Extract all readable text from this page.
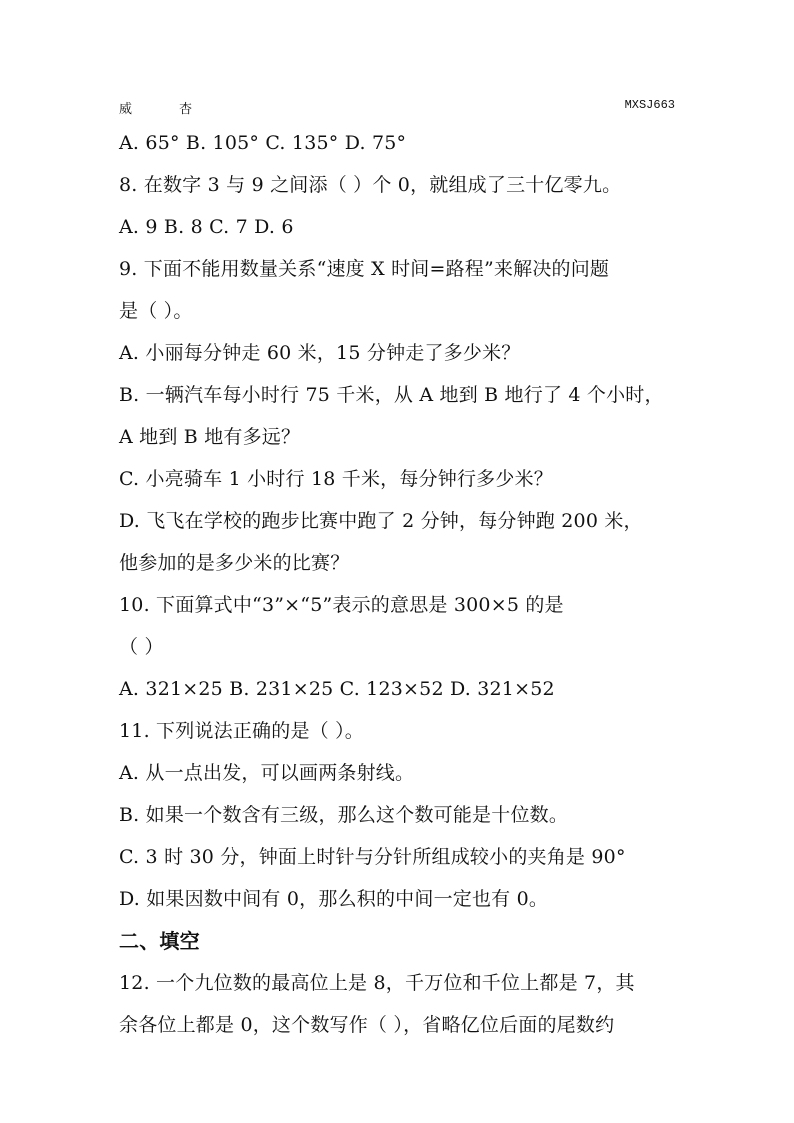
威	杏	MXSJ663
A. 65° B. 105° C. 135° D. 75°
8. 在数字 3 与 9 之间添（ ）个 0，就组成了三十亿零九。
A. 9 B. 8 C. 7 D. 6
9. 下面不能用数量关系“速度 X 时间=路程”来解决的问题
是（ ）。
A. 小丽每分钟走 60 米，15 分钟走了多少米？
B. 一辆汽车每小时行 75 千米，从 A 地到 B 地行了 4 个小时，
A 地到 B 地有多远？
C. 小亮骑车 1 小时行 18 千米，每分钟行多少米？
D. 飞飞在学校的跑步比赛中跑了 2 分钟，每分钟跑 200 米，
他参加的是多少米的比赛？
10. 下面算式中“3”×“5”表示的意思是 300×5 的是
（ ）
A. 321×25 B. 231×25 C. 123×52 D. 321×52
11. 下列说法正确的是（ ）。
A. 从一点出发，可以画两条射线。
B. 如果一个数含有三级，那么这个数可能是十位数。
C. 3 时 30 分，钟面上时针与分针所组成较小的夹角是 90°
D. 如果因数中间有 0，那么积的中间一定也有 0。
二、填空
12. 一个九位数的最高位上是 8，千万位和千位上都是 7，其
余各位上都是 0，这个数写作（ ），省略亿位后面的尾数约
